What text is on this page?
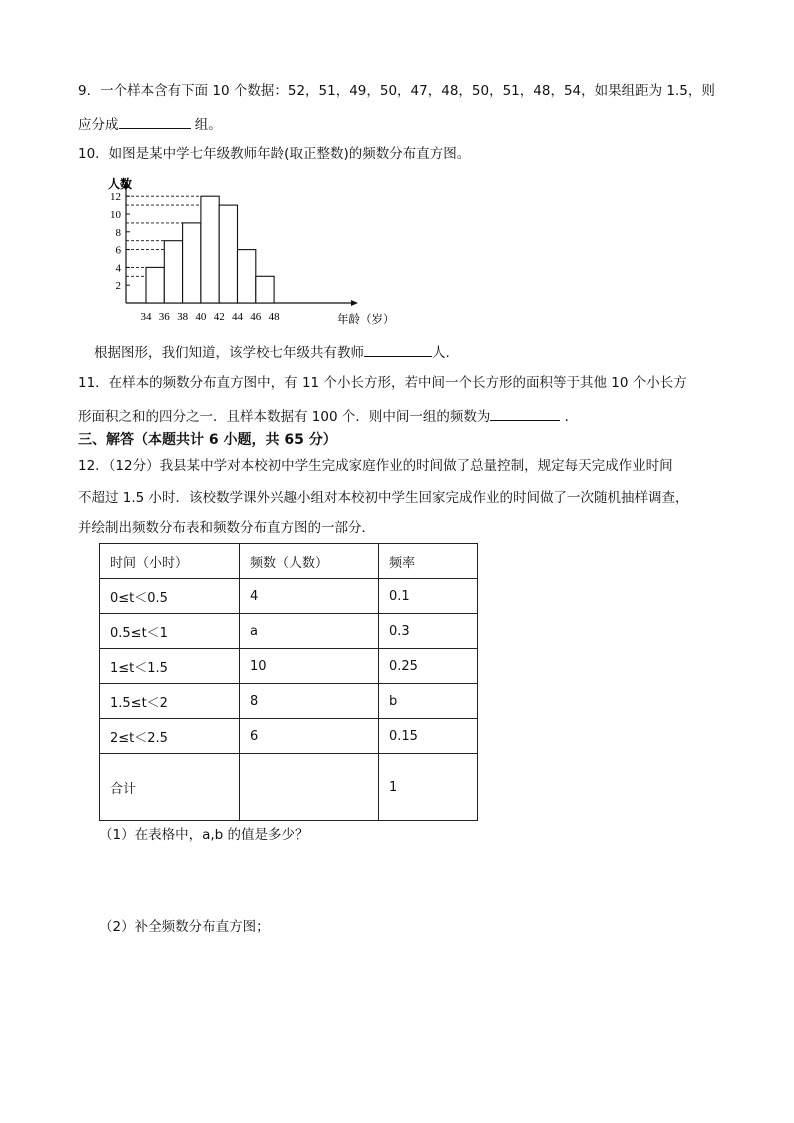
9．一个样本含有下面 10 个数据：52，51，49，50，47，48，50，51，48，54，如果组距为 1.5，则
应分成	组。
10．如图是某中学七年级教师年龄(取正整数)的频数分布直方图。
2
4
6
8
10
12
34 36 38 40 42 44 46 48
人数
年龄（岁）
根据图形，我们知道，该学校七年级共有教师	人.
11．在样本的频数分布直方图中，有 11 个小长方形，若中间一个长方形的面积等于其他 10 个小长方
形面积之和的四分之一．且样本数据有 100 个．则中间一组的频数为	．
三、解答（本题共计 6 小题，共 65 分）
12．（12分）我县某中学对本校初中学生完成家庭作业的时间做了总量控制，规定每天完成作业时间
不超过 1.5 小时．该校数学课外兴趣小组对本校初中学生回家完成作业的时间做了一次随机抽样调查，
并绘制出频数分布表和频数分布直方图的一部分．
时间（小时）	频数（人数）	频率
0≤t＜0.5	4	0.1
0.5≤t＜1	a	0.3
1≤t＜1.5	10	0.25
1.5≤t＜2	8	b
2≤t＜2.5	6	0.15
合计		1
（1）在表格中，a,b 的值是多少？
（2）补全频数分布直方图；
